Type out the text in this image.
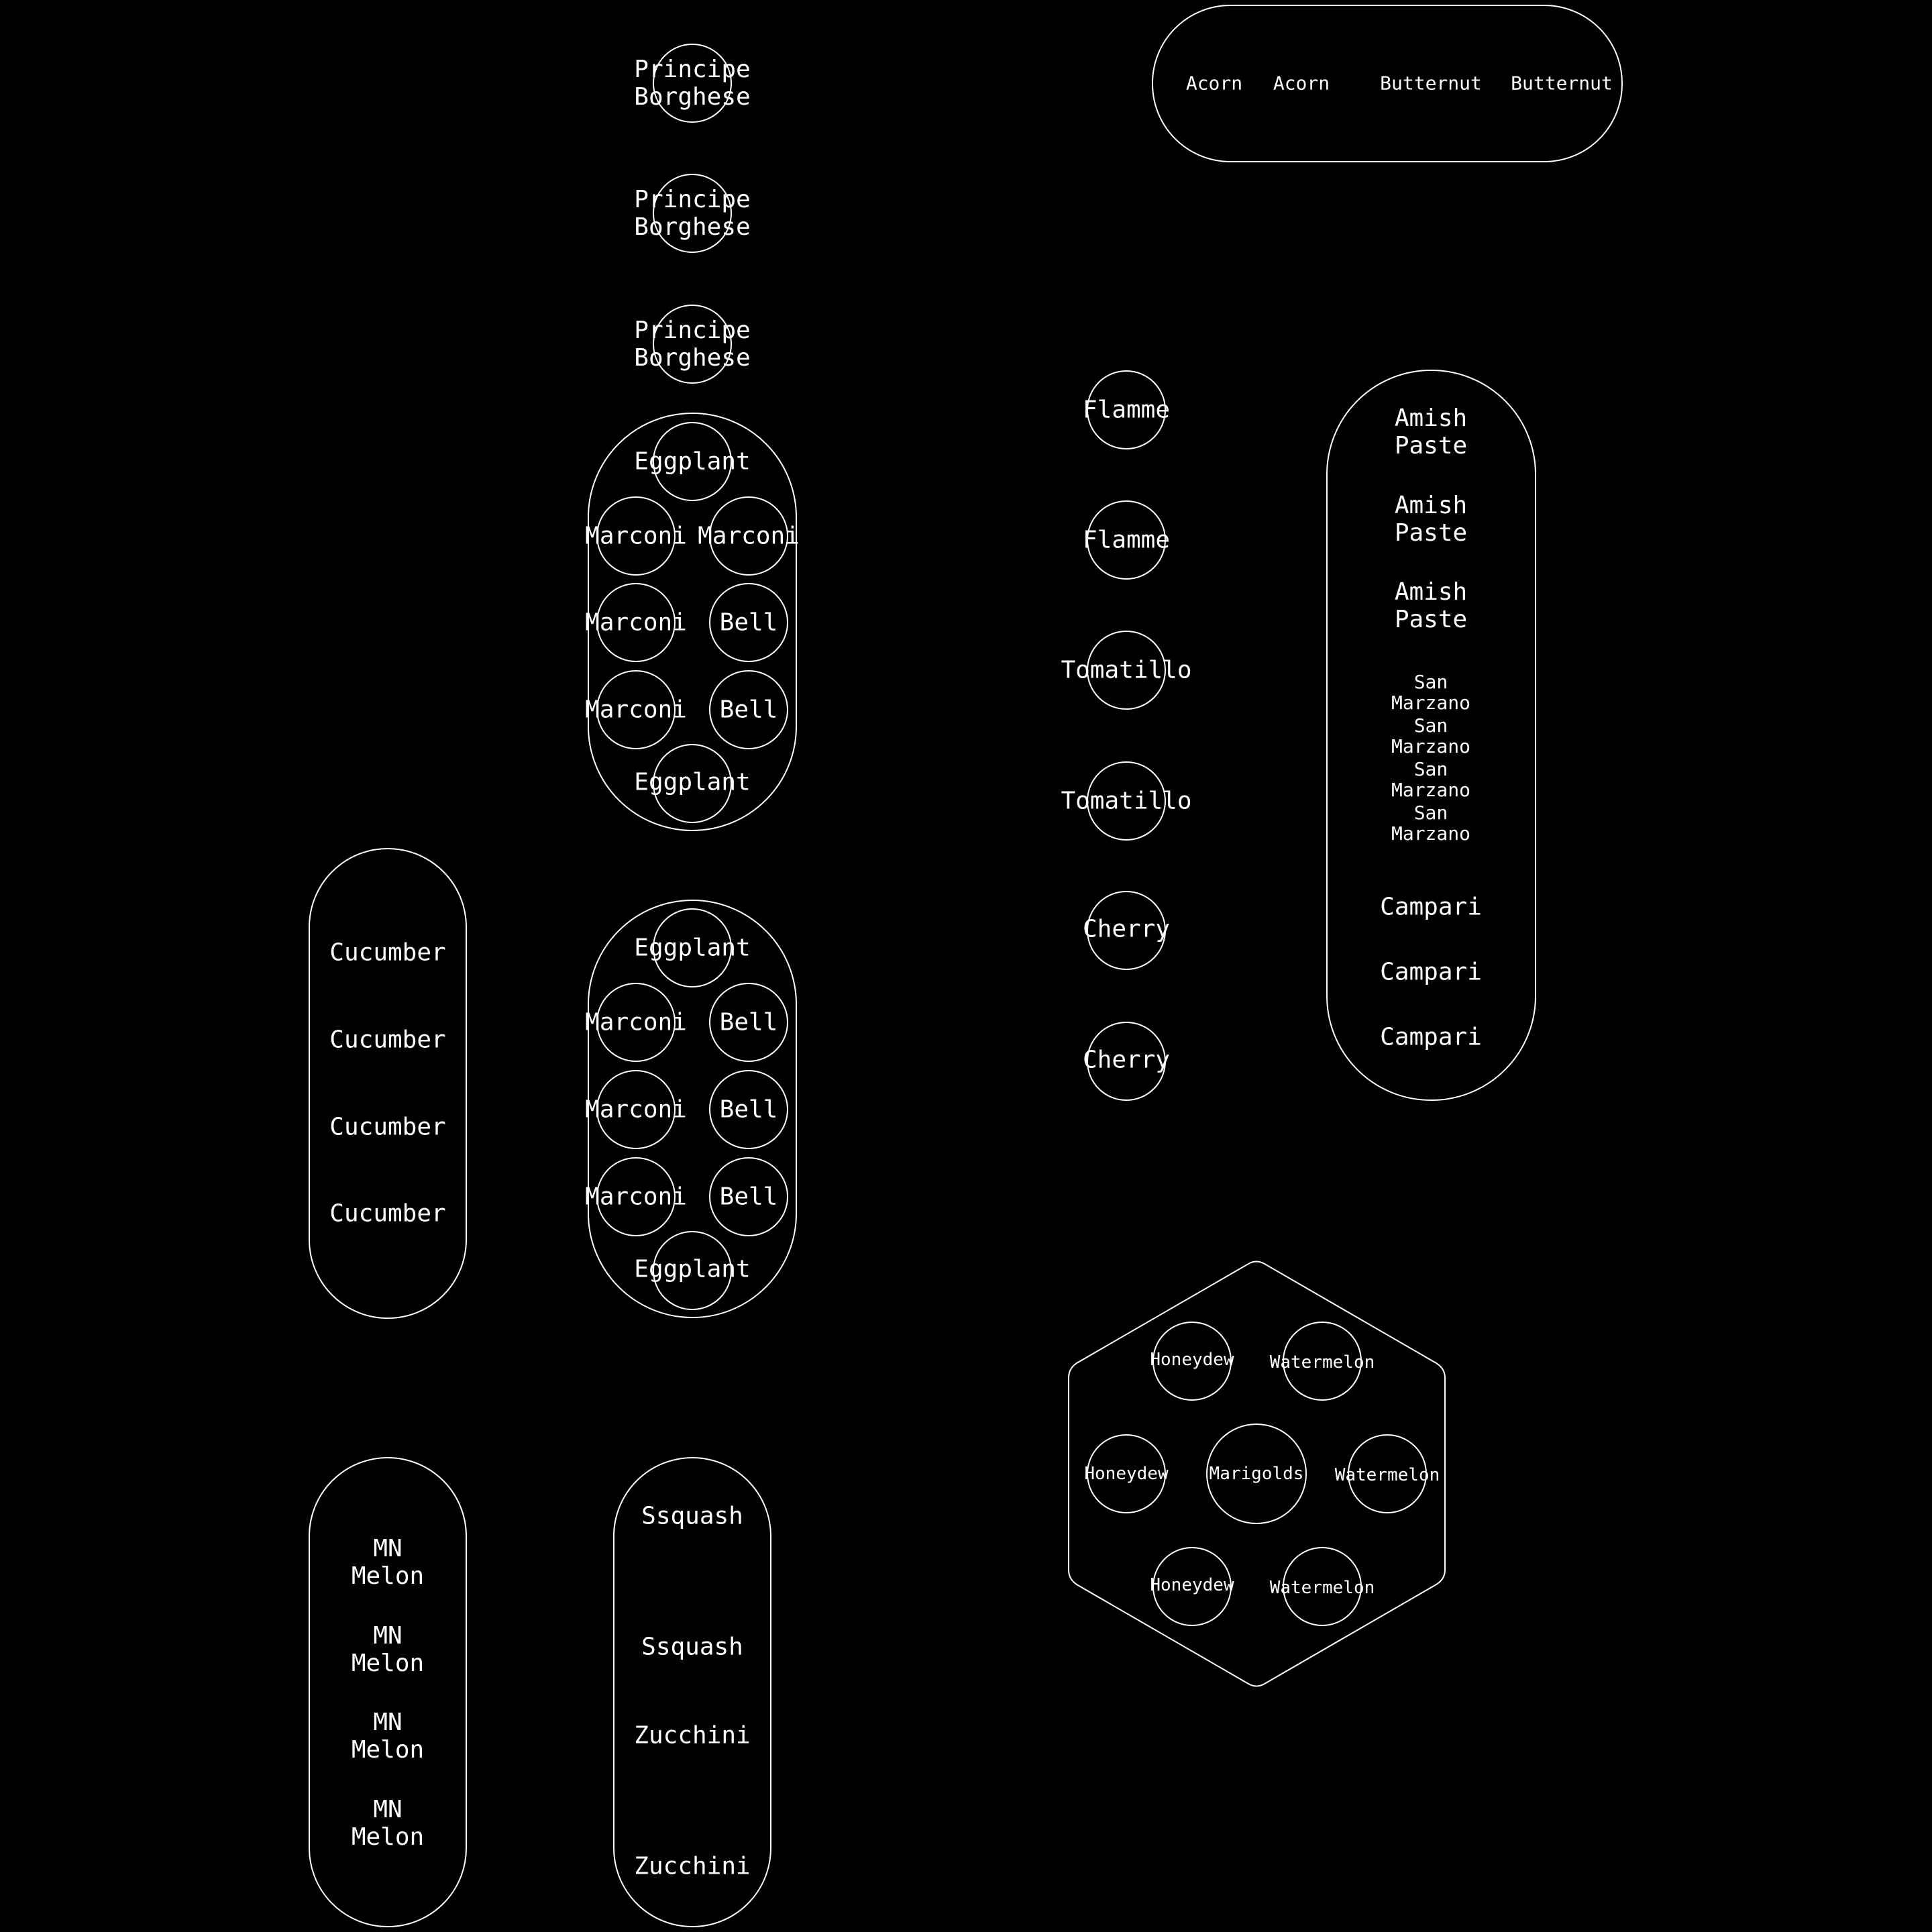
Principe Borghese
Principe Borghese
Principe Borghese
Acorn Acorn	Butternut Butternut
Eggplant
Marconi Marconi
Marconi Bell
Marconi Bell
Eggplant
Eggplant
Marconi Bell
Marconi Bell
Marconi Bell
Eggplant
Flamme
Flamme
Tomatillo
Tomatillo
Cherry
Cherry
Amish Paste
Amish Paste
Amish Paste
San Marzano
San Marzano
San Marzano
San Marzano
Campari
Campari
Campari
Cucumber
Cucumber
Cucumber
Cucumber
MN Melon
MN Melon
MN Melon
MN Melon
Ssquash
Ssquash
Zucchini
Zucchini
Honeydew Watermelon
Honeydew Marigolds Watermelon
Honeydew Watermelon
